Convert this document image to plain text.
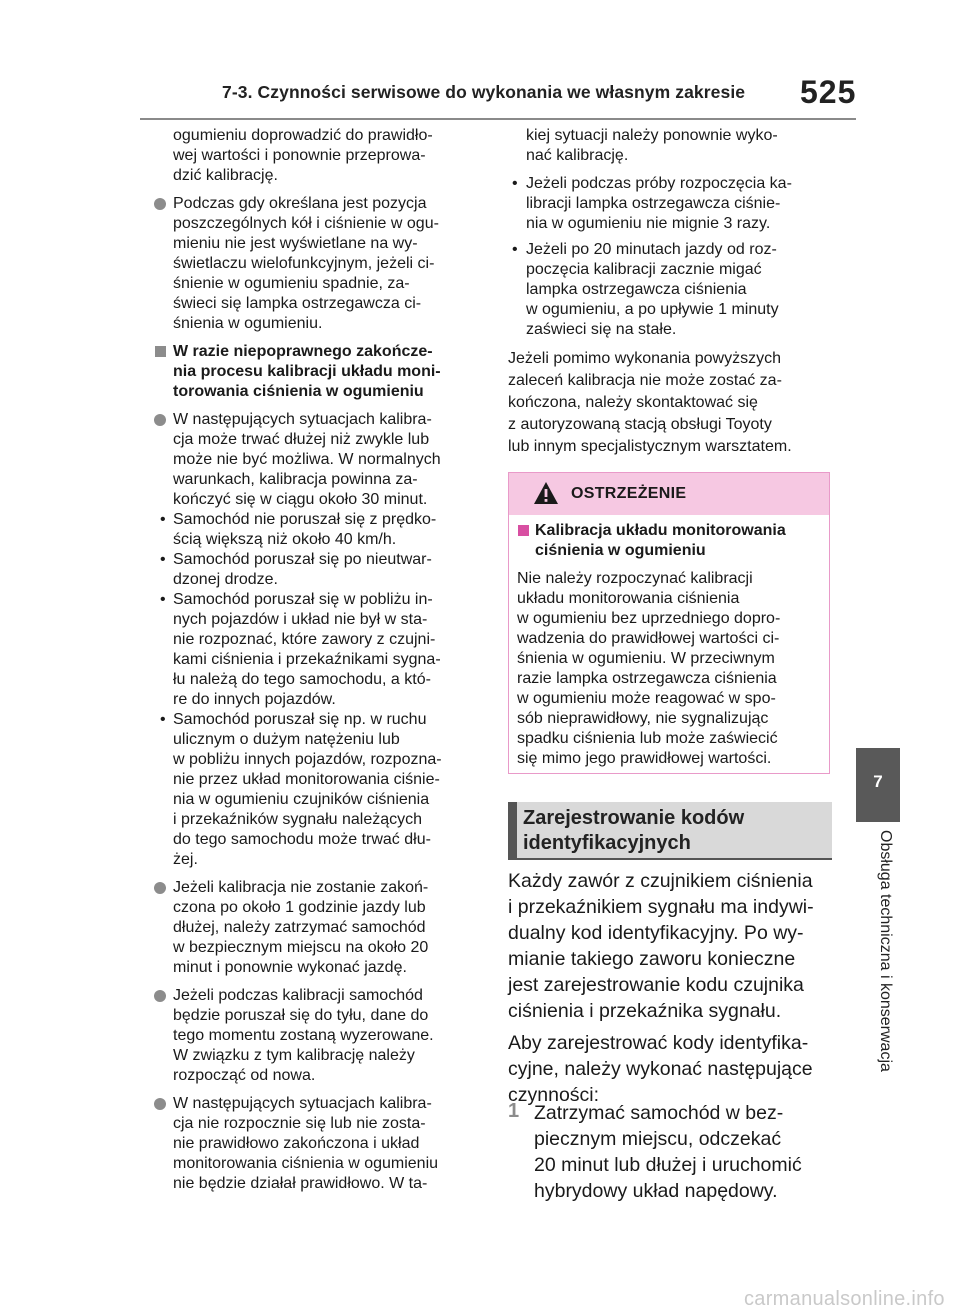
7-3. Czynności serwisowe do wykonania we własnym zakresie 525
ogumieniu doprowadzić do prawidło-
wej wartości i ponownie przeprowa-
dzić kalibrację.
Podczas gdy określana jest pozycja
poszczególnych kół i ciśnienie w ogu-
mieniu nie jest wyświetlane na wy-
świetlaczu wielofunkcyjnym, jeżeli ci-
śnienie w ogumieniu spadnie, za-
świeci się lampka ostrzegawcza ci-
śnienia w ogumieniu.
W razie niepoprawnego zakończe-
nia procesu kalibracji układu moni-
torowania ciśnienia w ogumieniu
W następujących sytuacjach kalibra-
cja może trwać dłużej niż zwykle lub
może nie być możliwa. W normalnych
warunkach, kalibracja powinna za-
kończyć się w ciągu około 30 minut.
• Samochód nie poruszał się z prędko-
ścią większą niż około 40 km/h.
• Samochód poruszał się po nieutwar-
dzonej drodze.
• Samochód poruszał się w pobliżu in-
nych pojazdów i układ nie był w sta-
nie rozpoznać, które zawory z czujni-
kami ciśnienia i przekaźnikami sygna-
łu należą do tego samochodu, a któ-
re do innych pojazdów.
• Samochód poruszał się np. w ruchu
ulicznym o dużym natężeniu lub
w pobliżu innych pojazdów, rozpozna-
nie przez układ monitorowania ciśnie-
nia w ogumieniu czujników ciśnienia
i przekaźników sygnału należących
do tego samochodu może trwać dłu-
żej.
Jeżeli kalibracja nie zostanie zakoń-
czona po około 1 godzinie jazdy lub
dłużej, należy zatrzymać samochód
w bezpiecznym miejscu na około 20
minut i ponownie wykonać jazdę.
Jeżeli podczas kalibracji samochód
będzie poruszał się do tyłu, dane do
tego momentu zostaną wyzerowane.
W związku z tym kalibrację należy
rozpocząć od nowa.
W następujących sytuacjach kalibra-
cja nie rozpocznie się lub nie zosta-
nie prawidłowo zakończona i układ
monitorowania ciśnienia w ogumieniu
nie będzie działał prawidłowo. W ta-
kiej sytuacji należy ponownie wyko-
nać kalibrację.
• Jeżeli podczas próby rozpoczęcia ka-
libracji lampka ostrzegawcza ciśnie-
nia w ogumieniu nie mignie 3 razy.
• Jeżeli po 20 minutach jazdy od roz-
poczęcia kalibracji zacznie migać
lampka ostrzegawcza ciśnienia
w ogumieniu, a po upływie 1 minuty
zaświeci się na stałe.
Jeżeli pomimo wykonania powyższych
zaleceń kalibracja nie może zostać za-
kończona, należy skontaktować się
z autoryzowaną stacją obsługi Toyoty
lub innym specjalistycznym warsztatem.
OSTRZEŻENIE
Kalibracja układu monitorowania
ciśnienia w ogumieniu
Nie należy rozpoczynać kalibracji
układu monitorowania ciśnienia
w ogumieniu bez uprzedniego dopro-
wadzenia do prawidłowej wartości ci-
śnienia w ogumieniu. W przeciwnym
razie lampka ostrzegawcza ciśnienia
w ogumieniu może reagować w spo-
sób nieprawidłowy, nie sygnalizując
spadku ciśnienia lub może zaświecić
się mimo jego prawidłowej wartości.
Zarejestrowanie kodów
identyfikacyjnych
Każdy zawór z czujnikiem ciśnienia
i przekaźnikiem sygnału ma indywi-
dualny kod identyfikacyjny. Po wy-
mianie takiego zaworu konieczne
jest zarejestrowanie kodu czujnika
ciśnienia i przekaźnika sygnału.
Aby zarejestrować kody identyfika-
cyjne, należy wykonać następujące
czynności:
1 Zatrzymać samochód w bez-
piecznym miejscu, odczekać
20 minut lub dłużej i uruchomić
hybrydowy układ napędowy.
7
Obsługa techniczna i konserwacja
carmanualsonline.info
